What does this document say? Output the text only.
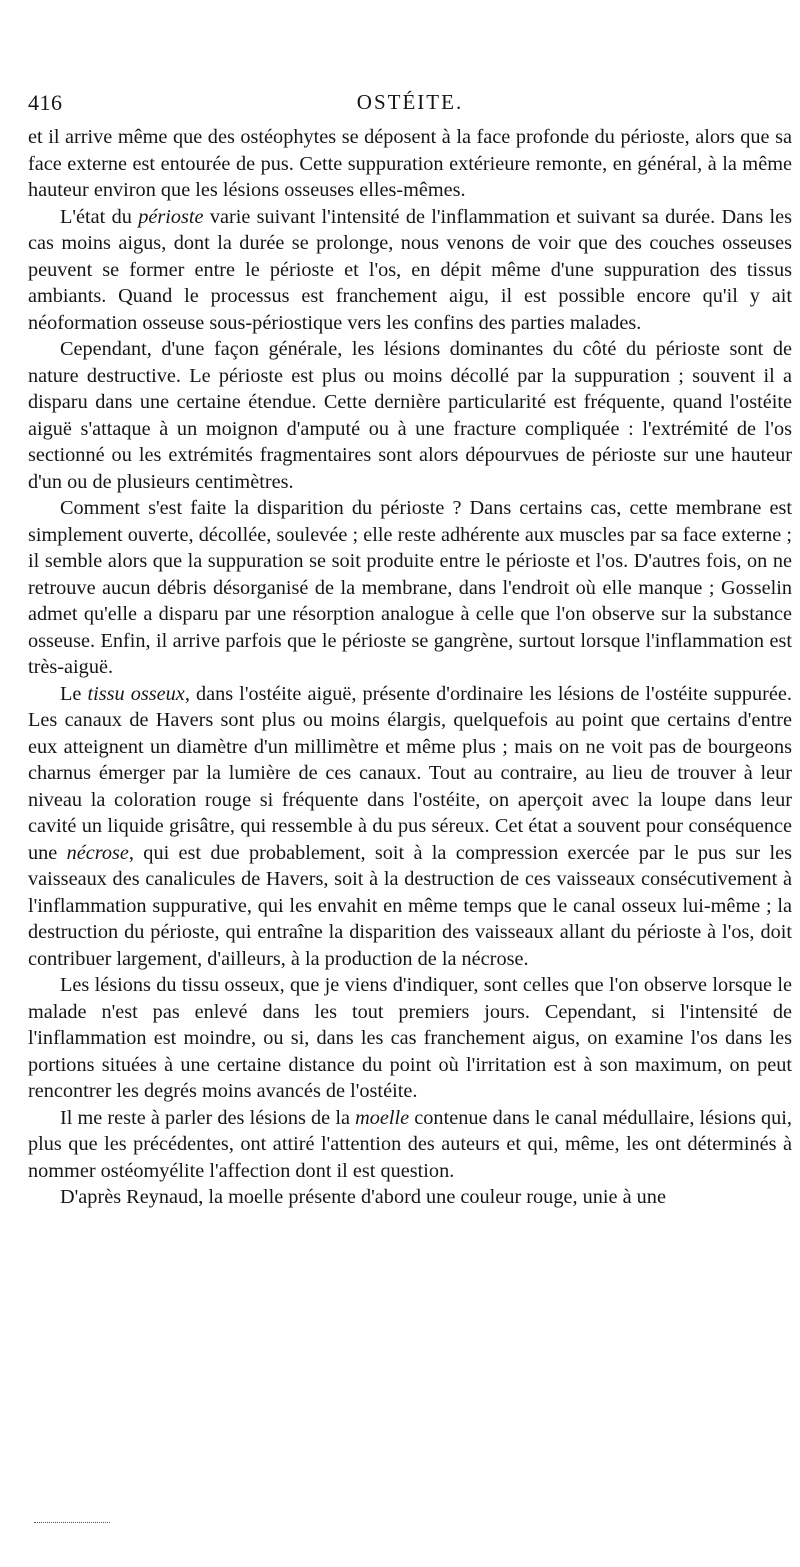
416	OSTÉITE.

et il arrive même que des ostéophytes se déposent à la face profonde du périoste, alors que sa face externe est entourée de pus. Cette suppuration extérieure remonte, en général, à la même hauteur environ que les lésions osseuses elles-mêmes.

L'état du périoste varie suivant l'intensité de l'inflammation et suivant sa durée. Dans les cas moins aigus, dont la durée se prolonge, nous venons de voir que des couches osseuses peuvent se former entre le périoste et l'os, en dépit même d'une suppuration des tissus ambiants. Quand le processus est franchement aigu, il est possible encore qu'il y ait néoformation osseuse sous-périostique vers les confins des parties malades.

Cependant, d'une façon générale, les lésions dominantes du côté du périoste sont de nature destructive. Le périoste est plus ou moins décollé par la suppuration ; souvent il a disparu dans une certaine étendue. Cette dernière particularité est fréquente, quand l'ostéite aiguë s'attaque à un moignon d'amputé ou à une fracture compliquée : l'extrémité de l'os sectionné ou les extrémités fragmentaires sont alors dépourvues de périoste sur une hauteur d'un ou de plusieurs centimètres.

Comment s'est faite la disparition du périoste ? Dans certains cas, cette membrane est simplement ouverte, décollée, soulevée ; elle reste adhérente aux muscles par sa face externe ; il semble alors que la suppuration se soit produite entre le périoste et l'os. D'autres fois, on ne retrouve aucun débris désorganisé de la membrane, dans l'endroit où elle manque ; Gosselin admet qu'elle a disparu par une résorption analogue à celle que l'on observe sur la substance osseuse. Enfin, il arrive parfois que le périoste se gangrène, surtout lorsque l'inflammation est très-aiguë.

Le tissu osseux, dans l'ostéite aiguë, présente d'ordinaire les lésions de l'ostéite suppurée. Les canaux de Havers sont plus ou moins élargis, quelquefois au point que certains d'entre eux atteignent un diamètre d'un millimètre et même plus ; mais on ne voit pas de bourgeons charnus émerger par la lumière de ces canaux. Tout au contraire, au lieu de trouver à leur niveau la coloration rouge si fréquente dans l'ostéite, on aperçoit avec la loupe dans leur cavité un liquide grisâtre, qui ressemble à du pus séreux. Cet état a souvent pour conséquence une nécrose, qui est due probablement, soit à la compression exercée par le pus sur les vaisseaux des canalicules de Havers, soit à la destruction de ces vaisseaux consécutivement à l'inflammation suppurative, qui les envahit en même temps que le canal osseux lui-même ; la destruction du périoste, qui entraîne la disparition des vaisseaux allant du périoste à l'os, doit contribuer largement, d'ailleurs, à la production de la nécrose.

Les lésions du tissu osseux, que je viens d'indiquer, sont celles que l'on observe lorsque le malade n'est pas enlevé dans les tout premiers jours. Cependant, si l'intensité de l'inflammation est moindre, ou si, dans les cas franchement aigus, on examine l'os dans les portions situées à une certaine distance du point où l'irritation est à son maximum, on peut rencontrer les degrés moins avancés de l'ostéite.

Il me reste à parler des lésions de la moelle contenue dans le canal médullaire, lésions qui, plus que les précédentes, ont attiré l'attention des auteurs et qui, même, les ont déterminés à nommer ostéomyélite l'affection dont il est question.

D'après Reynaud, la moelle présente d'abord une couleur rouge, unie à une
